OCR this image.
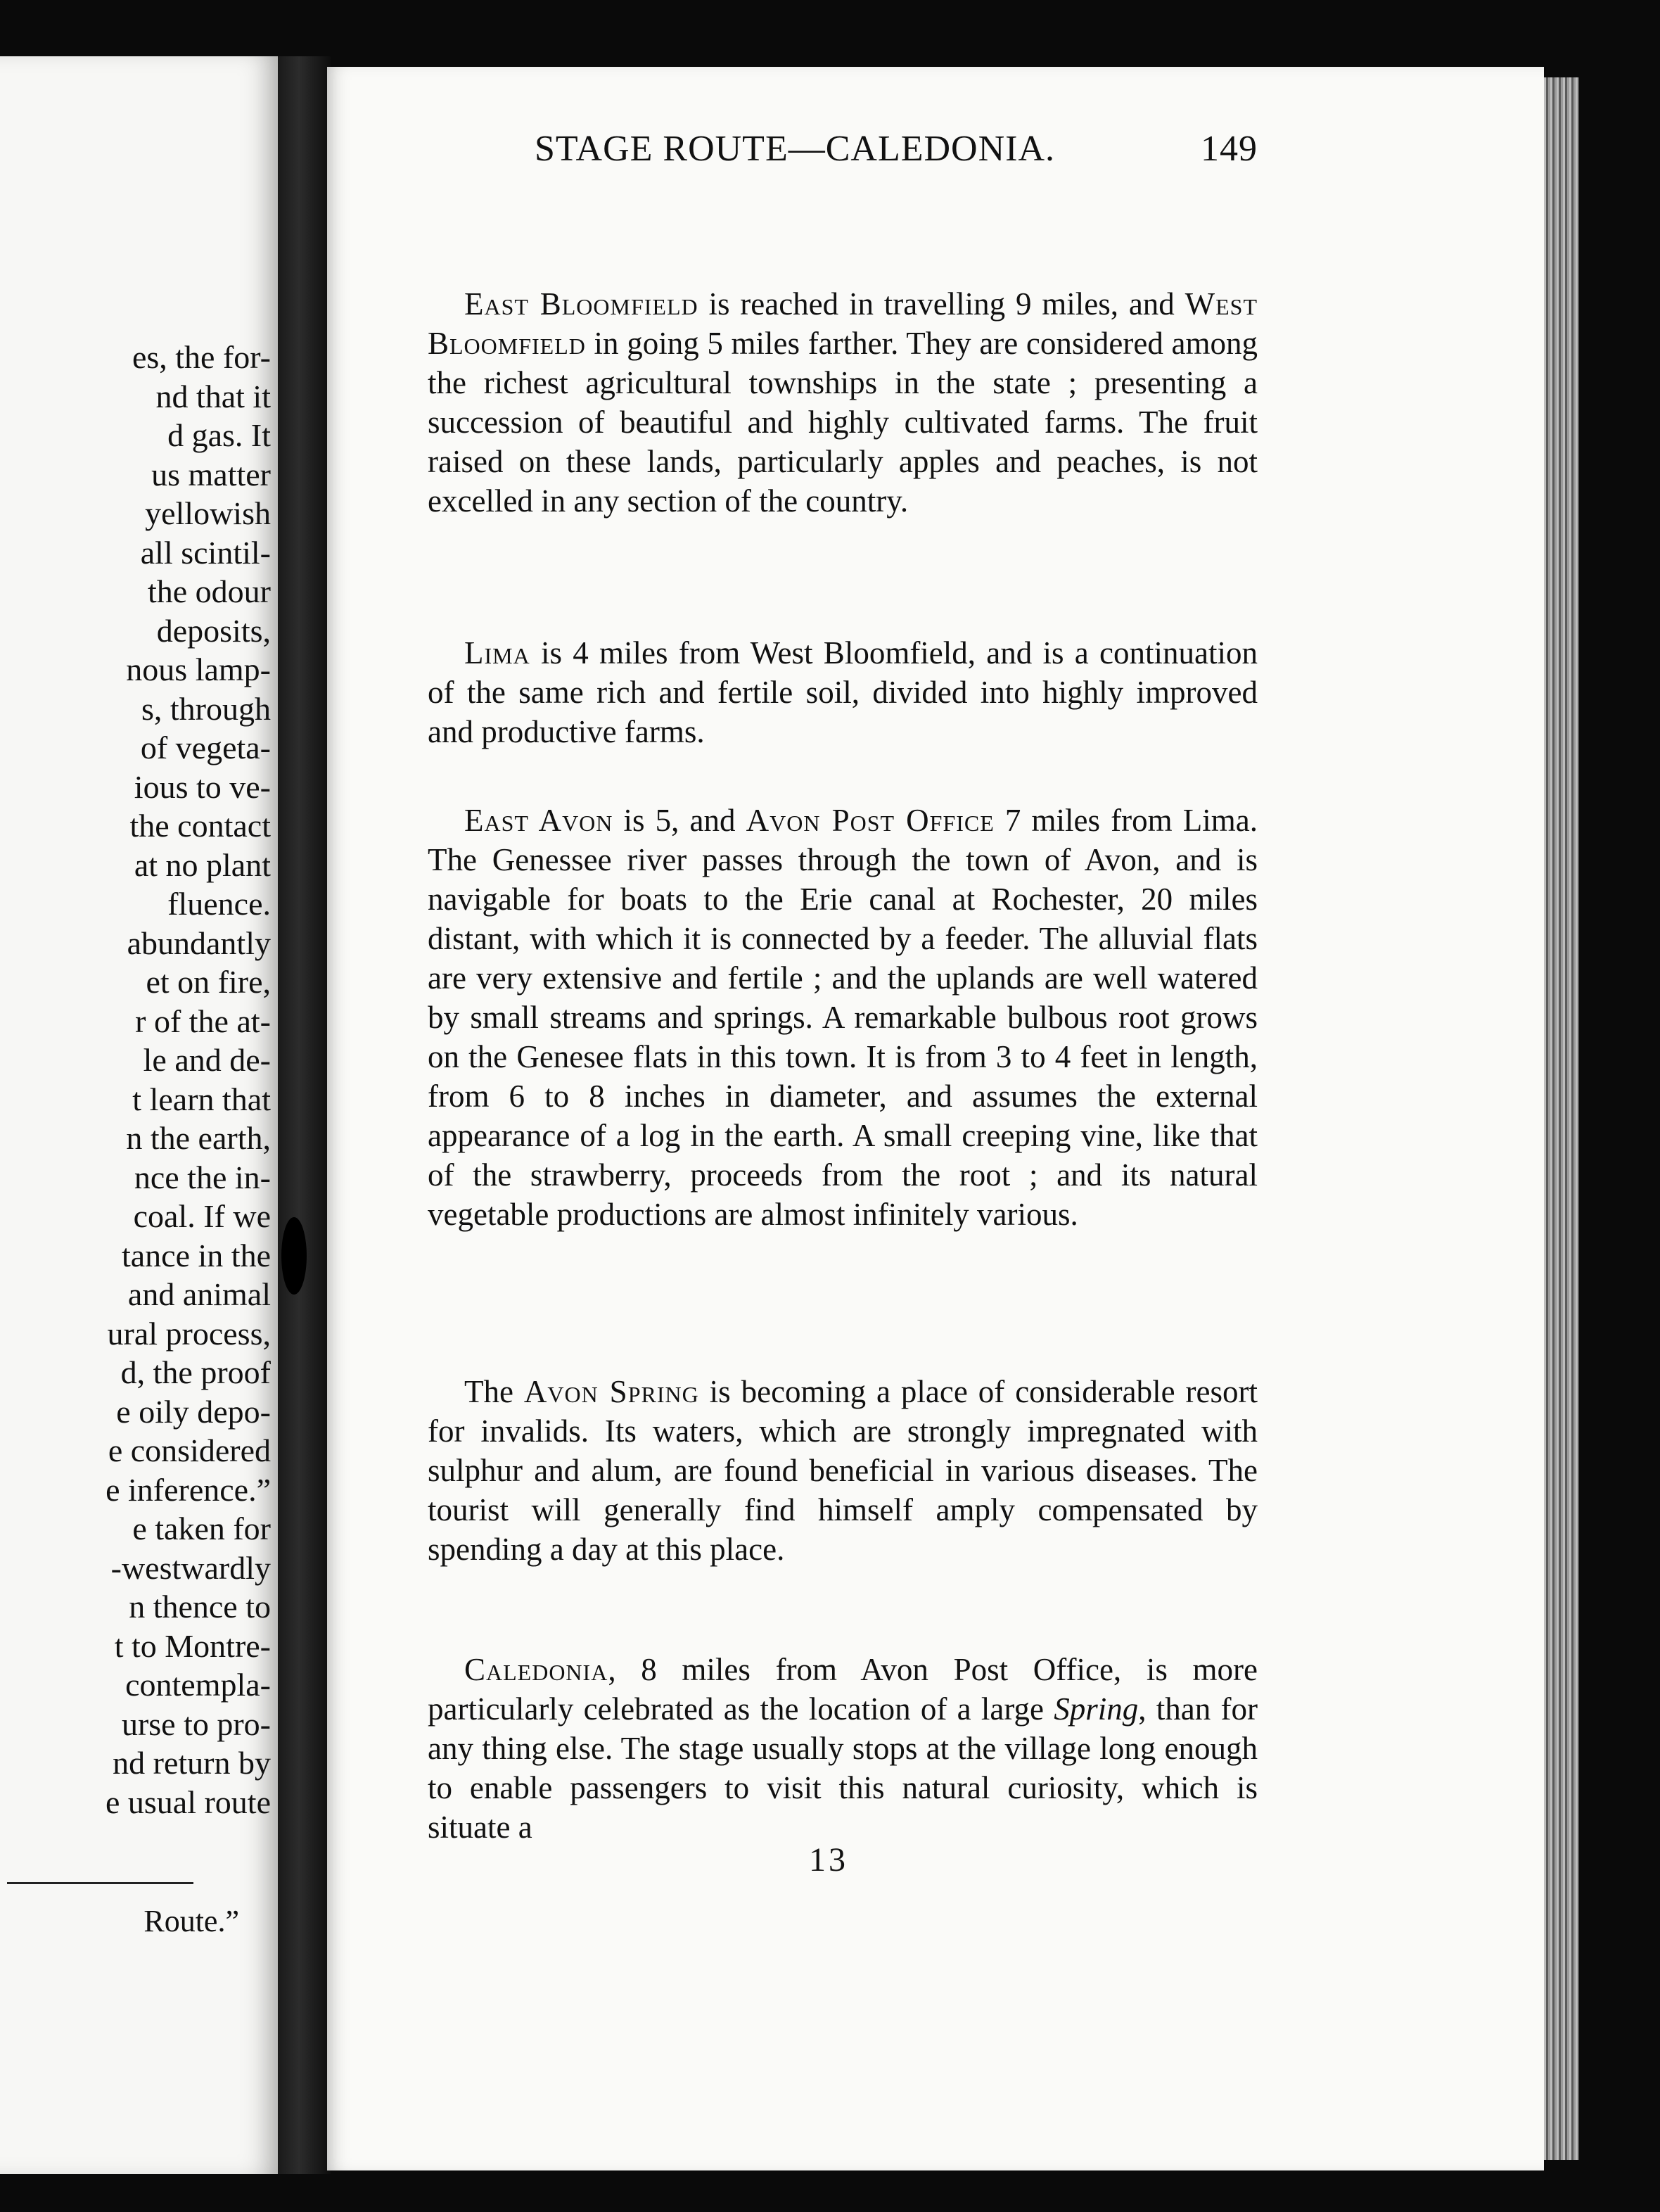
es, the for-
nd that it
d gas. It
us matter
yellowish
all scintil-
the odour
deposits,
nous lamp-
s, through
of vegeta-
ious to ve-
the contact
at no plant
fluence.
abundantly
et on fire,
r of the at-
le and de-
t learn that
n the earth,
nce the in-
coal. If we
tance in the
and animal
ural process,
d, the proof
e oily depo-
e considered
e inference.”
e taken for
-westwardly
n thence to
t to Montre-
contempla-
urse to pro-
nd return by
e usual route
Route.”
STAGE ROUTE—CALEDONIA.	149

East Bloomfield is reached in travelling 9 miles, and West Bloomfield in going 5 miles farther. They are considered among the richest agricultural townships in the state ; presenting a succession of beautiful and highly cultivated farms. The fruit raised on these lands, particularly apples and peaches, is not excelled in any section of the country.

Lima is 4 miles from West Bloomfield, and is a continuation of the same rich and fertile soil, divided into highly improved and productive farms.

East Avon is 5, and Avon Post Office 7 miles from Lima. The Genessee river passes through the town of Avon, and is navigable for boats to the Erie canal at Rochester, 20 miles distant, with which it is connected by a feeder. The alluvial flats are very extensive and fertile ; and the uplands are well watered by small streams and springs. A remarkable bulbous root grows on the Genesee flats in this town. It is from 3 to 4 feet in length, from 6 to 8 inches in diameter, and assumes the external appearance of a log in the earth. A small creeping vine, like that of the strawberry, proceeds from the root ; and its natural vegetable productions are almost infinitely various.

The Avon Spring is becoming a place of considerable resort for invalids. Its waters, which are strongly impregnated with sulphur and alum, are found beneficial in various diseases. The tourist will generally find himself amply compensated by spending a day at this place.

Caledonia, 8 miles from Avon Post Office, is more particularly celebrated as the location of a large Spring, than for any thing else. The stage usually stops at the village long enough to enable passengers to visit this natural curiosity, which is situate a

13
